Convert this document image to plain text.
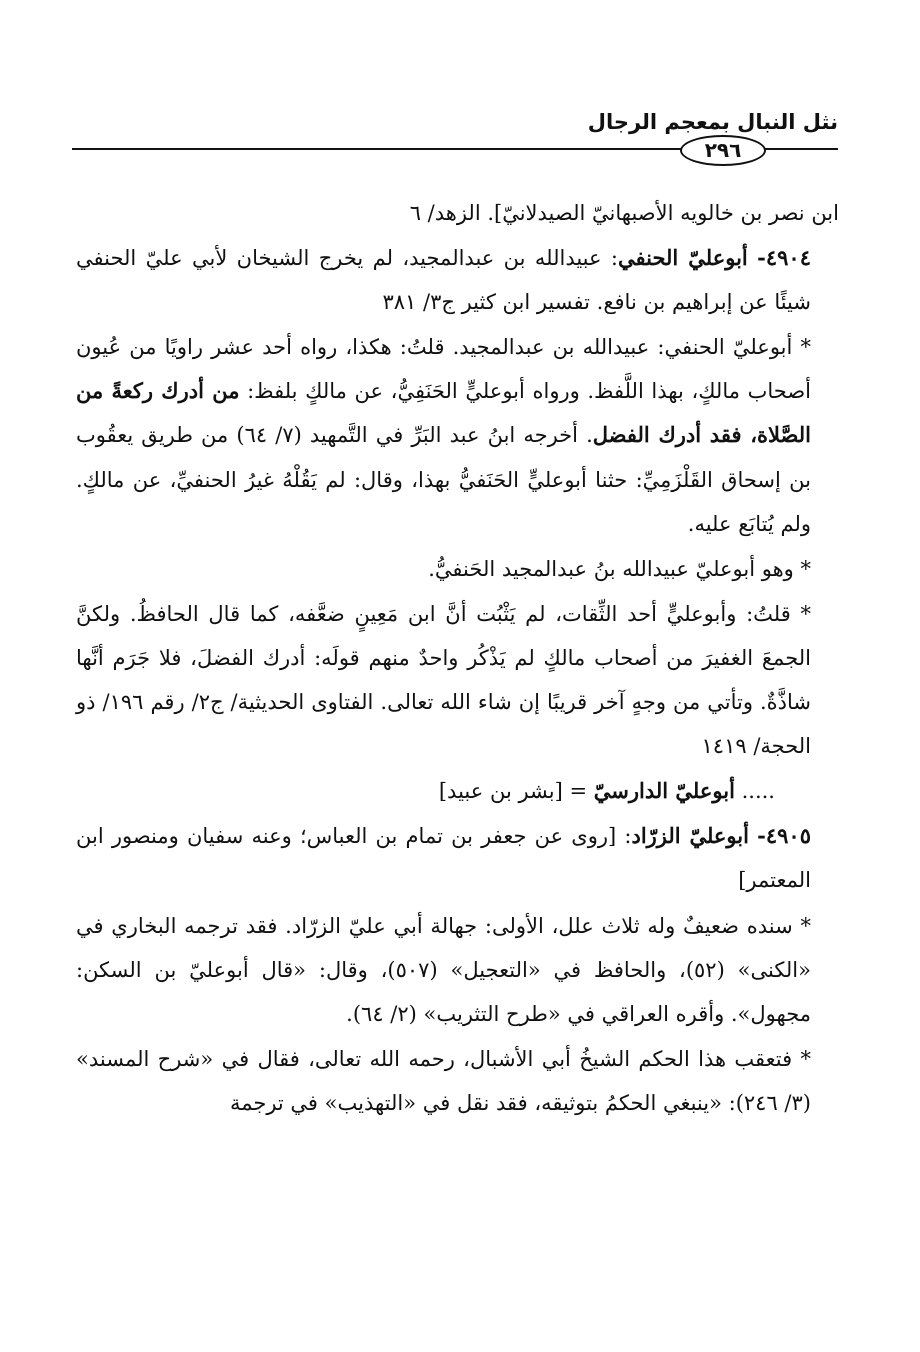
نثل النبال بمعجم الرجال
٢٩٦

ابن نصر بن خالويه الأصبهانيّ الصيدلانيّ]. الزهد/ ٦

٤٩٠٤- أبوعليّ الحنفي: عبيدالله بن عبدالمجيد، لم يخرج الشيخان لأبي عليّ الحنفي شيئًا عن إبراهيم بن نافع. تفسير ابن كثير ج٣/ ٣٨١

* أبوعليّ الحنفي: عبيدالله بن عبدالمجيد. قلتُ: هكذا، رواه أحد عشر راويًا من عُيون أصحاب مالكٍ، بهذا اللَّفظ. ورواه أبوعليٍّ الحَنَفِيُّ، عن مالكٍ بلفظ: من أدرك ركعةً من الصَّلاة، فقد أدرك الفضل. أخرجه ابنُ عبد البَرِّ في التَّمهيد (٧/ ٦٤) من طريق يعقُوب بن إسحاق القَلْزَمِيِّ: حثنا أبوعليٍّ الحَنَفيُّ بهذا، وقال: لم يَقُلْهُ غيرُ الحنفيِّ، عن مالكٍ. ولم يُتابَع عليه.

* وهو أبوعليّ عبيدالله بنُ عبدالمجيد الحَنفيُّ.

* قلتُ: وأبوعليٍّ أحد الثِّقات، لم يَثْبُت أنَّ ابن مَعِينٍ ضعَّفه، كما قال الحافظُ. ولكنَّ الجمعَ الغفيرَ من أصحاب مالكٍ لم يَذْكُر واحدٌ منهم قولَه: أدرك الفضلَ، فلا جَرَم أنَّها شاذَّةٌ. وتأتي من وجهٍ آخر قريبًا إن شاء الله تعالى. الفتاوى الحديثية/ ج٢/ رقم ١٩٦/ ذو الحجة/ ١٤١٩

..... أبوعليّ الدارسيّ = [بشر بن عبيد]

٤٩٠٥- أبوعليّ الزرّاد: [روى عن جعفر بن تمام بن العباس؛ وعنه سفيان ومنصور ابن المعتمر]

* سنده ضعيفٌ وله ثلاث علل، الأولى: جهالة أبي عليّ الزرّاد. فقد ترجمه البخاري في «الكنى» (٥٢)، والحافظ في «التعجيل» (٥٠٧)، وقال: «قال أبوعليّ بن السكن: مجهول». وأقره العراقي في «طرح التثريب» (٢/ ٦٤).

* فتعقب هذا الحكم الشيخُ أبي الأشبال، رحمه الله تعالى، فقال في «شرح المسند» (٣/ ٢٤٦): «ينبغي الحكمُ بتوثيقه، فقد نقل في «التهذيب» في ترجمة
